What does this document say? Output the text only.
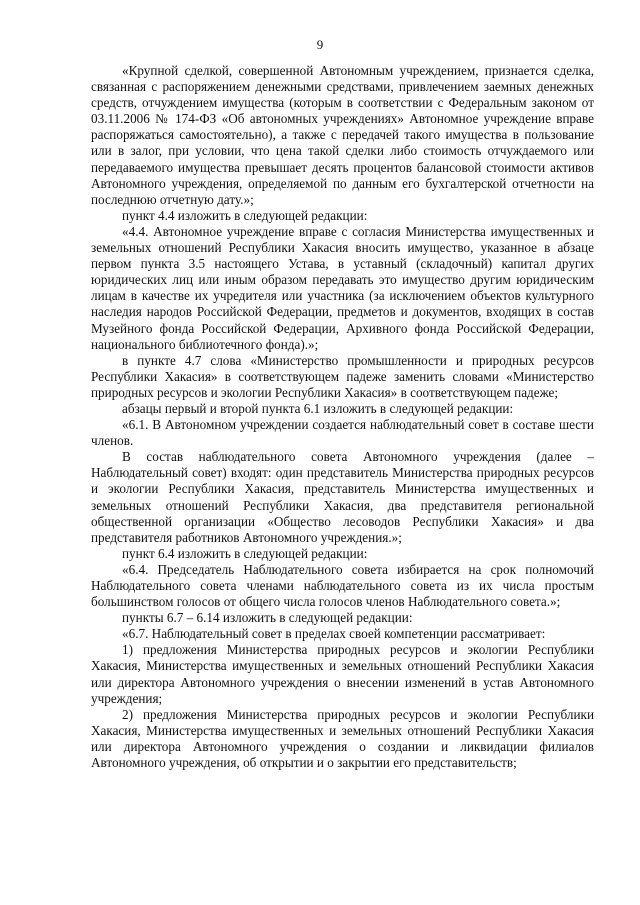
9

«Крупной сделкой, совершенной Автономным учреждением, признается сделка, связанная с распоряжением денежными средствами, привлечением заемных денежных средств, отчуждением имущества (которым в соответствии с Федеральным законом от 03.11.2006 № 174-ФЗ «Об автономных учреждениях» Автономное учреждение вправе распоряжаться самостоятельно), а также с передачей такого имущества в пользование или в залог, при условии, что цена такой сделки либо стоимость отчуждаемого или передаваемого имущества превышает десять процентов балансовой стоимости активов Автономного учреждения, определяемой по данным его бухгалтерской отчетности на последнюю отчетную дату.»;

пункт 4.4 изложить в следующей редакции:

«4.4. Автономное учреждение вправе с согласия Министерства имущественных и земельных отношений Республики Хакасия вносить имущество, указанное в абзаце первом пункта 3.5 настоящего Устава, в уставный (складочный) капитал других юридических лиц или иным образом передавать это имущество другим юридическим лицам в качестве их учредителя или участника (за исключением объектов культурного наследия народов Российской Федерации, предметов и документов, входящих в состав Музейного фонда Российской Федерации, Архивного фонда Российской Федерации, национального библиотечного фонда).»;

в пункте 4.7 слова «Министерство промышленности и природных ресурсов Республики Хакасия» в соответствующем падеже заменить словами «Министерство природных ресурсов и экологии Республики Хакасия» в соответствующем падеже;

абзацы первый и второй пункта 6.1 изложить в следующей редакции:

«6.1. В Автономном учреждении создается наблюдательный совет в составе шести членов.

В состав наблюдательного совета Автономного учреждения (далее – Наблюдательный совет) входят: один представитель Министерства природных ресурсов и экологии Республики Хакасия, представитель Министерства имущественных и земельных отношений Республики Хакасия, два представителя региональной общественной организации «Общество лесоводов Республики Хакасия» и два представителя работников Автономного учреждения.»;

пункт 6.4 изложить в следующей редакции:

«6.4. Председатель Наблюдательного совета избирается на срок полномочий Наблюдательного совета членами наблюдательного совета из их числа простым большинством голосов от общего числа голосов членов Наблюдательного совета.»;

пункты 6.7 – 6.14 изложить в следующей редакции:

«6.7. Наблюдательный совет в пределах своей компетенции рассматривает:

1) предложения Министерства природных ресурсов и экологии Республики Хакасия, Министерства имущественных и земельных отношений Республики Хакасия или директора Автономного учреждения о внесении изменений в устав Автономного учреждения;

2) предложения Министерства природных ресурсов и экологии Республики Хакасия, Министерства имущественных и земельных отношений Республики Хакасия или директора Автономного учреждения о создании и ликвидации филиалов Автономного учреждения, об открытии и о закрытии его представительств;
